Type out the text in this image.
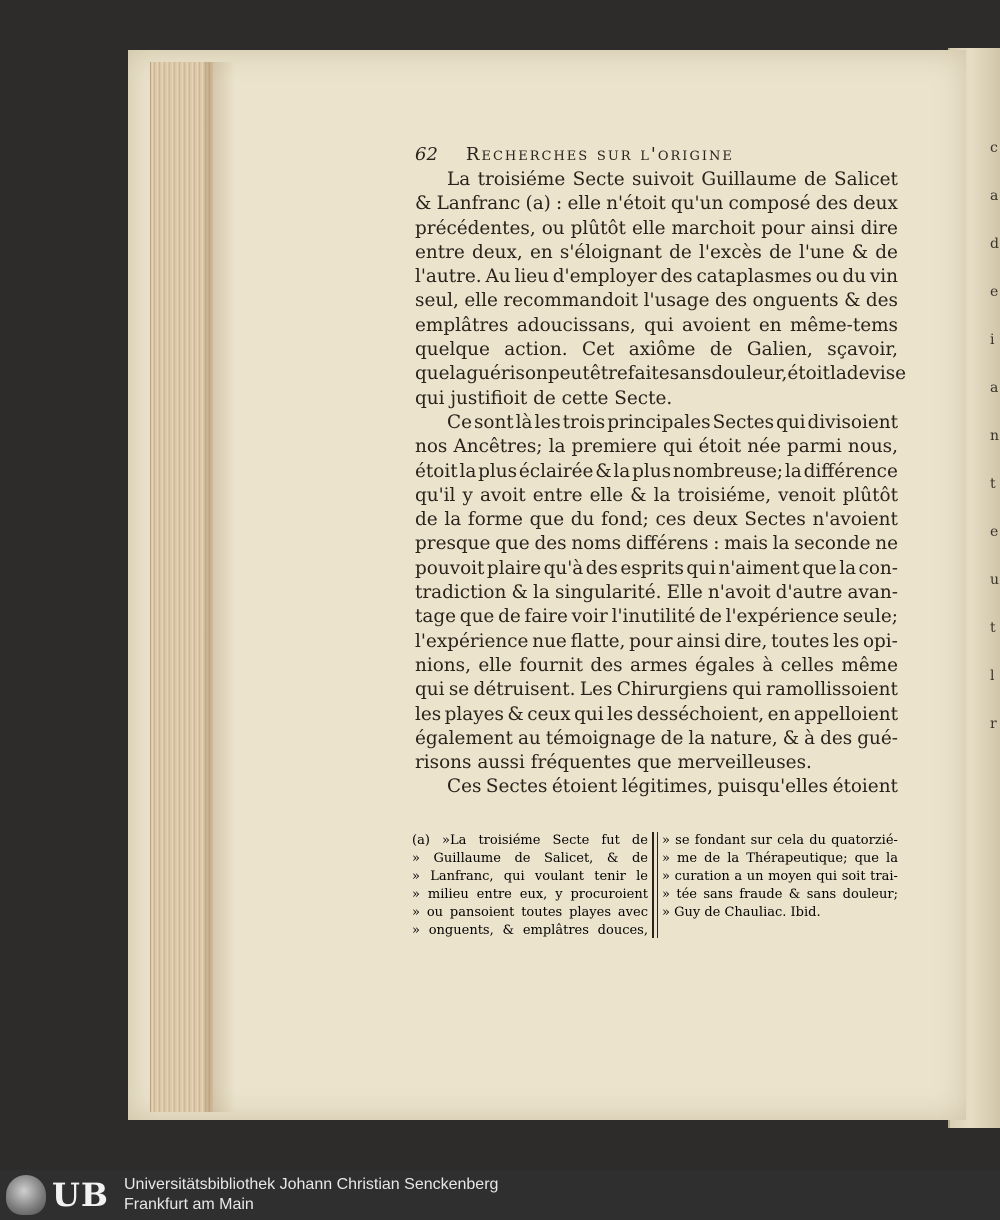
c
a
d
e
i
a
n
t
e
u
t
l
r
62 Recherches sur l'origine
La troisiéme Secte suivoit Guillaume de Salicet
& Lanfranc (a) : elle n'étoit qu'un composé des deux
précédentes, ou plûtôt elle marchoit pour ainsi dire
entre deux, en s'éloignant de l'excès de l'une & de
l'autre. Au lieu d'employer des cataplasmes ou du vin
seul, elle recommandoit l'usage des onguents & des
emplâtres adoucissans, qui avoient en même-tems
quelque action. Cet axiôme de Galien, sçavoir,
que la guérison peut être faite sans douleur, étoit la devise
qui justifioit de cette Secte.
Ce sont là les trois principales Sectes qui divisoient
nos Ancêtres; la premiere qui étoit née parmi nous,
étoit la plus éclairée & la plus nombreuse; la différence
qu'il y avoit entre elle & la troisiéme, venoit plûtôt
de la forme que du fond; ces deux Sectes n'avoient
presque que des noms différens : mais la seconde ne
pouvoit plaire qu'à des esprits qui n'aiment que la con-
tradiction & la singularité. Elle n'avoit d'autre avan-
tage que de faire voir l'inutilité de l'expérience seule;
l'expérience nue flatte, pour ainsi dire, toutes les opi-
nions, elle fournit des armes égales à celles même
qui se détruisent. Les Chirurgiens qui ramollissoient
les playes & ceux qui les desséchoient, en appelloient
également au témoignage de la nature, & à des gué-
risons aussi fréquentes que merveilleuses.
Ces Sectes étoient légitimes, puisqu'elles étoient
(a) »La troisiéme Secte fut de
» Guillaume de Salicet, & de
» Lanfranc, qui voulant tenir le
» milieu entre eux, y procuroient
» ou pansoient toutes playes avec
» onguents, & emplâtres douces,
» se fondant sur cela du quatorzié-
» me de la Thérapeutique; que la
» curation a un moyen qui soit trai-
» tée sans fraude & sans douleur;
» Guy de Chauliac. Ibid.
UB Universitätsbibliothek Johann Christian Senckenberg
Frankfurt am Main
